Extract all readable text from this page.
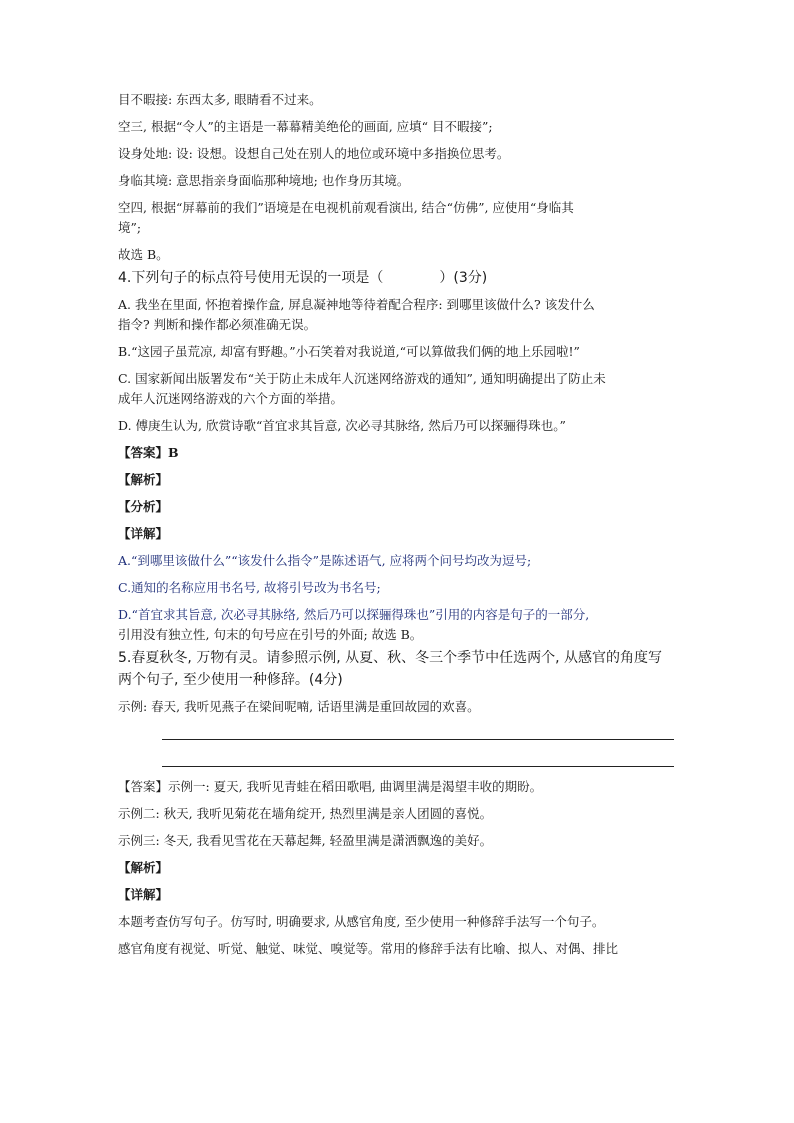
目不暇接: 东西太多, 眼睛看不过来。

空三, 根据“令人”的主语是一幕幕精美绝伦的画面, 应填“ 目不暇接”;

设身处地: 设: 设想。设想自己处在别人的地位或环境中多指换位思考。

身临其境: 意思指亲身面临那种境地; 也作身历其境。

空四, 根据“屏幕前的我们”语境是在电视机前观看演出, 结合“仿佛”, 应使用“身临其

境”;

故选 B。

4.下列句子的标点符号使用无误的一项是（　　　　）(3分)

A. 我坐在里面, 怀抱着操作盒, 屏息凝神地等待着配合程序: 到哪里该做什么? 该发什么

指令? 判断和操作都必须准确无误。

B.“这园子虽荒凉, 却富有野趣。”小石笑着对我说道,“可以算做我们俩的地上乐园啦!”

C. 国家新闻出版署发布“关于防止未成年人沉迷网络游戏的通知”, 通知明确提出了防止未

成年人沉迷网络游戏的六个方面的举措。

D. 傅庚生认为, 欣赏诗歌“首宜求其旨意, 次必寻其脉络, 然后乃可以探骊得珠也。”

【答案】B

【解析】

【分析】

【详解】

A.“到哪里该做什么”“该发什么指令”是陈述语气, 应将两个问号均改为逗号;

C.通知的名称应用书名号, 故将引号改为书名号;

D.“首宜求其旨意, 次必寻其脉络, 然后乃可以探骊得珠也”引用的内容是句子的一部分,

引用没有独立性, 句末的句号应在引号的外面; 故选 B。

5.春夏秋冬, 万物有灵。请参照示例, 从夏、秋、冬三个季节中任选两个, 从感官的角度写

两个句子, 至少使用一种修辞。(4分)

示例: 春天, 我听见燕子在梁间呢喃, 话语里满是重回故园的欢喜。

【答案】示例一: 夏天, 我听见青蛙在稻田歌唱, 曲调里满是渴望丰收的期盼。

示例二: 秋天, 我听见菊花在墙角绽开, 热烈里满是亲人团圆的喜悦。

示例三: 冬天, 我看见雪花在天幕起舞, 轻盈里满是潇洒飘逸的美好。

【解析】

【详解】

本题考查仿写句子。仿写时, 明确要求, 从感官角度, 至少使用一种修辞手法写一个句子。

感官角度有视觉、听觉、触觉、味觉、嗅觉等。常用的修辞手法有比喻、拟人、对偶、排比
